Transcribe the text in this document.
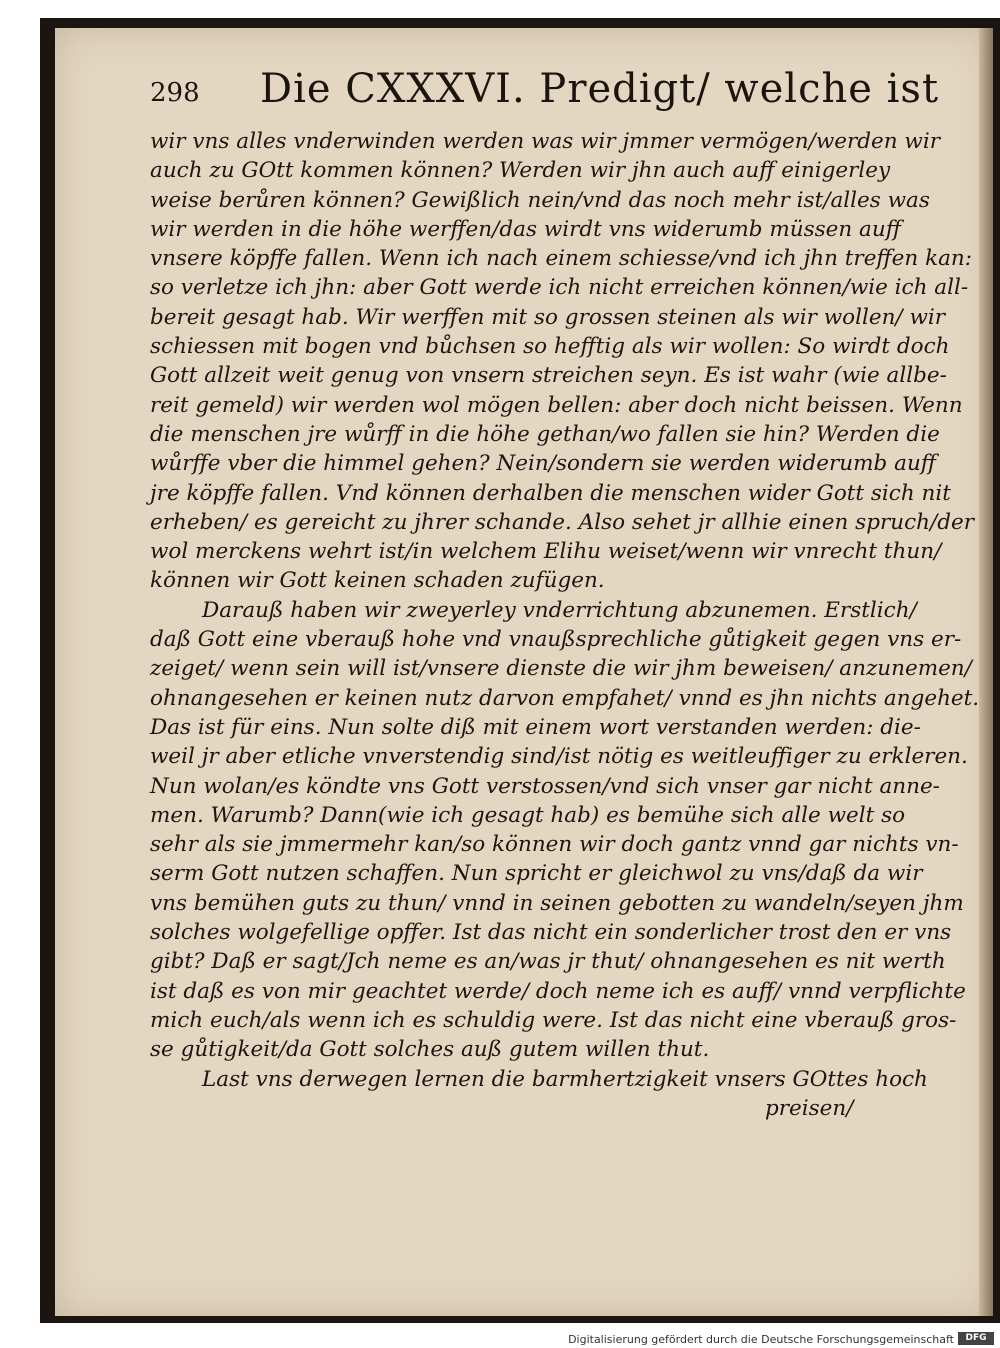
298 Die CXXXVI. Predigt/ welche ist
wir vns alles vnderwinden werden was wir jmmer vermögen/werden wir
auch zu GOtt kommen können? Werden wir jhn auch auff einigerley
weise berůren können? Gewißlich nein/vnd das noch mehr ist/alles was
wir werden in die höhe werffen/das wirdt vns widerumb müssen auff
vnsere köpffe fallen. Wenn ich nach einem schiesse/vnd ich jhn treffen kan:
so verletze ich jhn: aber Gott werde ich nicht erreichen können/wie ich all-
bereit gesagt hab. Wir werffen mit so grossen steinen als wir wollen/ wir
schiessen mit bogen vnd bůchsen so hefftig als wir wollen: So wirdt doch
Gott allzeit weit genug von vnsern streichen seyn. Es ist wahr (wie allbe-
reit gemeld) wir werden wol mögen bellen: aber doch nicht beissen. Wenn
die menschen jre wůrff in die höhe gethan/wo fallen sie hin? Werden die
wůrffe vber die himmel gehen? Nein/sondern sie werden widerumb auff
jre köpffe fallen. Vnd können derhalben die menschen wider Gott sich nit
erheben/ es gereicht zu jhrer schande. Also sehet jr allhie einen spruch/der
wol merckens wehrt ist/in welchem Elihu weiset/wenn wir vnrecht thun/
können wir Gott keinen schaden zufügen.
Darauß haben wir zweyerley vnderrichtung abzunemen. Erstlich/
daß Gott eine vberauß hohe vnd vnaußsprechliche gůtigkeit gegen vns er-
zeiget/ wenn sein will ist/vnsere dienste die wir jhm beweisen/ anzunemen/
ohnangesehen er keinen nutz darvon empfahet/ vnnd es jhn nichts angehet.
Das ist für eins. Nun solte diß mit einem wort verstanden werden: die-
weil jr aber etliche vnverstendig sind/ist nötig es weitleuffiger zu erkleren.
Nun wolan/es köndte vns Gott verstossen/vnd sich vnser gar nicht anne-
men. Warumb? Dann(wie ich gesagt hab) es bemühe sich alle welt so
sehr als sie jmmermehr kan/so können wir doch gantz vnnd gar nichts vn-
serm Gott nutzen schaffen. Nun spricht er gleichwol zu vns/daß da wir
vns bemühen guts zu thun/ vnnd in seinen gebotten zu wandeln/seyen jhm
solches wolgefellige opffer. Ist das nicht ein sonderlicher trost den er vns
gibt? Daß er sagt/Jch neme es an/was jr thut/ ohnangesehen es nit werth
ist daß es von mir geachtet werde/ doch neme ich es auff/ vnnd verpflichte
mich euch/als wenn ich es schuldig were. Ist das nicht eine vberauß gros-
se gůtigkeit/da Gott solches auß gutem willen thut.
Last vns derwegen lernen die barmhertzigkeit vnsers GOttes hoch
preisen/
Digitalisierung gefördert durch die Deutsche Forschungsgemeinschaft	DFG
